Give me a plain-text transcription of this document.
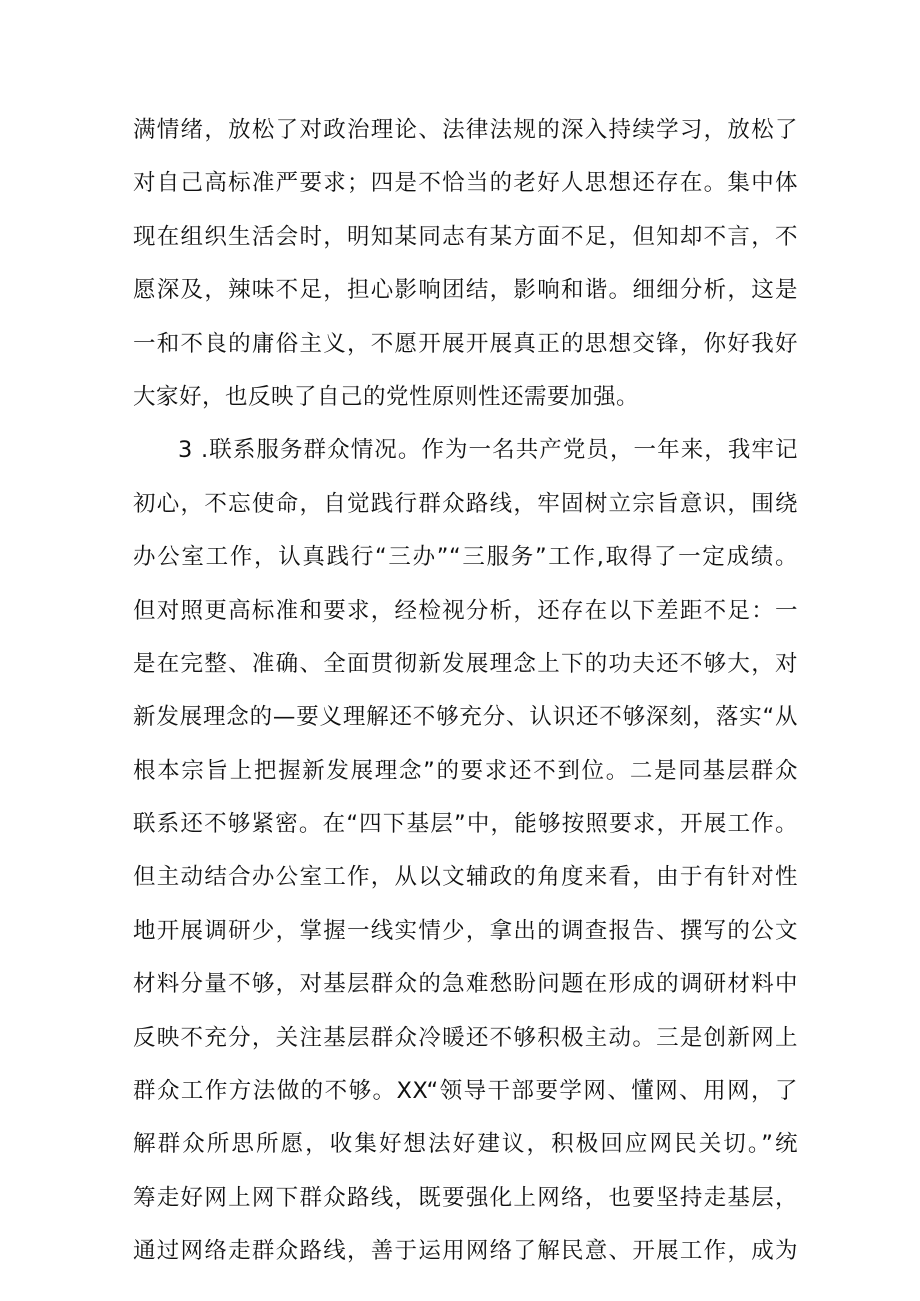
满情绪，放松了对政治理论、法律法规的深入持续学习，放松了
对自己高标准严要求；四是不恰当的老好人思想还存在。集中体
现在组织生活会时，明知某同志有某方面不足，但知却不言，不
愿深及，辣味不足，担心影响团结，影响和谐。细细分析，这是
一和不良的庸俗主义，不愿开展开展真正的思想交锋，你好我好
大家好，也反映了自己的党性原则性还需要加强。
3 .联系服务群众情况。作为一名共产党员，一年来，我牢记
初心，不忘使命，自觉践行群众路线，牢固树立宗旨意识，围绕
办公室工作，认真践行“三办”“三服务”工作,取得了一定成绩。
但对照更高标准和要求，经检视分析，还存在以下差距不足：一
是在完整、准确、全面贯彻新发展理念上下的功夫还不够大，对
新发展理念的—要义理解还不够充分、认识还不够深刻，落实“从
根本宗旨上把握新发展理念”的要求还不到位。二是同基层群众
联系还不够紧密。在“四下基层”中，能够按照要求，开展工作。
但主动结合办公室工作，从以文辅政的角度来看，由于有针对性
地开展调研少，掌握一线实情少，拿出的调查报告、撰写的公文
材料分量不够，对基层群众的急难愁盼问题在形成的调研材料中
反映不充分，关注基层群众冷暖还不够积极主动。三是创新网上
群众工作方法做的不够。XX“领导干部要学网、懂网、用网，了
解群众所思所愿，收集好想法好建议，积极回应网民关切。”统
筹走好网上网下群众路线，既要强化上网络，也要坚持走基层，
通过网络走群众路线，善于运用网络了解民意、开展工作，成为
